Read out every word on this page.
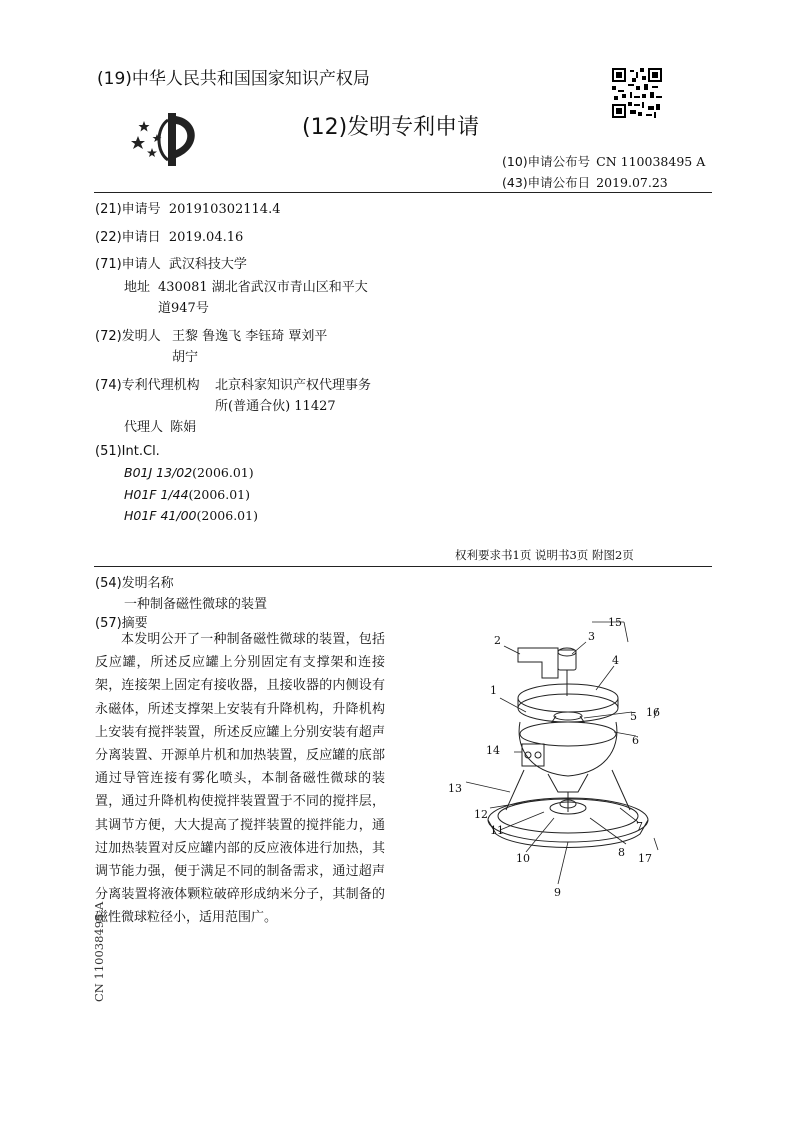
(19)中华人民共和国国家知识产权局
(12)发明专利申请
(10)申请公布号 CN 110038495 A
(43)申请公布日 2019.07.23
(21)申请号 201910302114.4
(22)申请日 2019.04.16
(71)申请人 武汉科技大学
地址 430081 湖北省武汉市青山区和平大
道947号
(72)发明人 王黎 鲁逸飞 李钰琦 覃刘平
胡宁
(74)专利代理机构 北京科家知识产权代理事务
所(普通合伙) 11427
代理人 陈娟
(51)Int.Cl.
B01J 13/02(2006.01)
H01F 1/44(2006.01)
H01F 41/00(2006.01)
权利要求书1页 说明书3页 附图2页
(54)发明名称
一种制备磁性微球的装置
(57)摘要
本发明公开了一种制备磁性微球的装置，包括反应罐，所述反应罐上分别固定有支撑架和连接架，连接架上固定有接收器，且接收器的内侧设有永磁体，所述支撑架上安装有升降机构，升降机构上安装有搅拌装置，所述反应罐上分别安装有超声分离装置、开源单片机和加热装置，反应罐的底部通过导管连接有雾化喷头，本制备磁性微球的装置，通过升降机构使搅拌装置置于不同的搅拌层，其调节方便，大大提高了搅拌装置的搅拌能力，通过加热装置对反应罐内部的反应液体进行加热，其调节能力强，便于满足不同的制备需求，通过超声分离装置将液体颗粒破碎形成纳米分子，其制备的磁性微球粒径小，适用范围广。
2	3
15
4
1
5 16
6
14
13
12
11
10
9
8
7
17
CN 110038495 A
